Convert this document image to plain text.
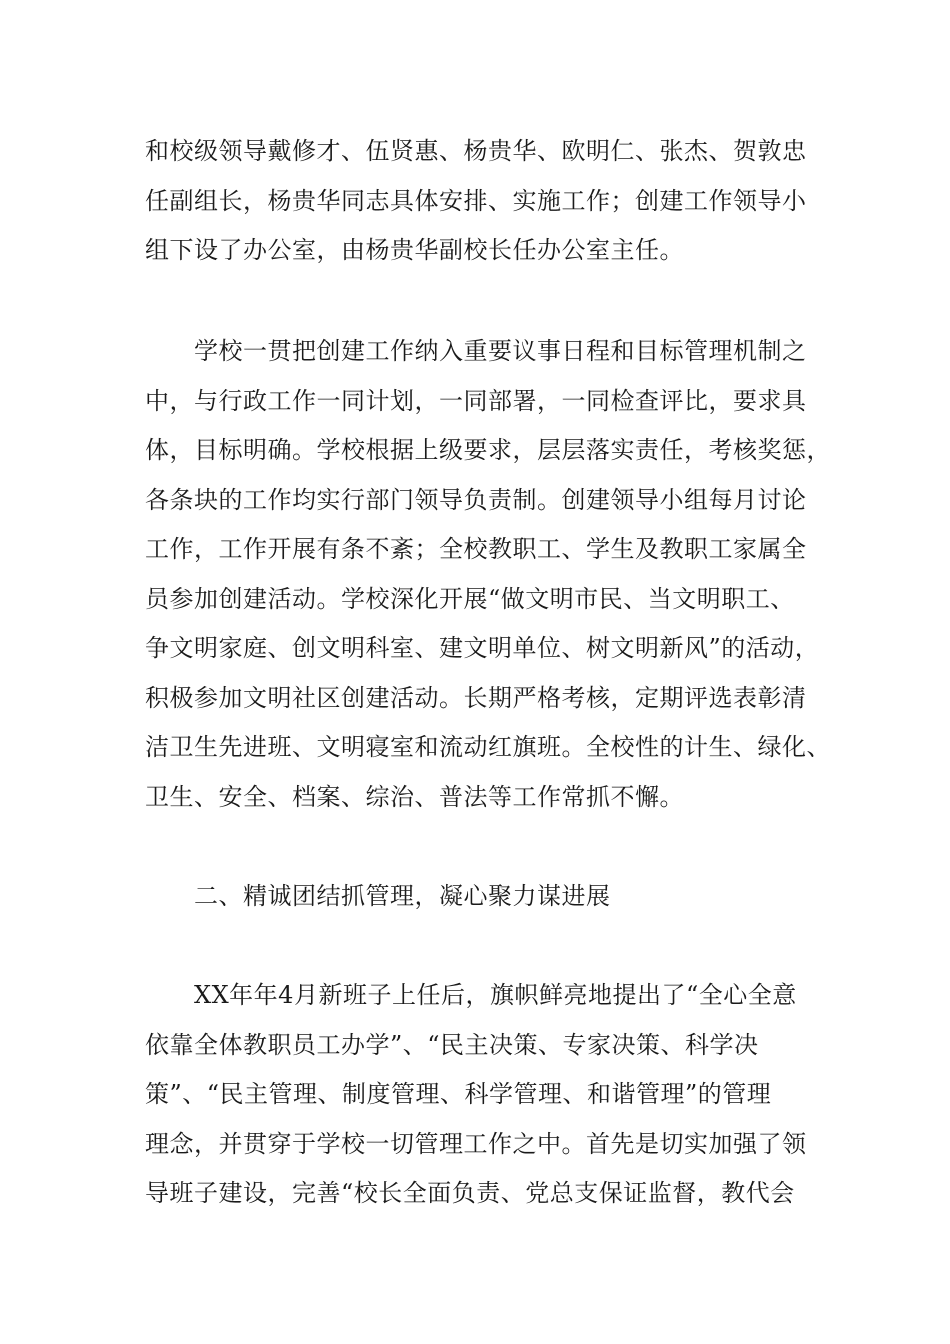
和校级领导戴修才、伍贤惠、杨贵华、欧明仁、张杰、贺敦忠
任副组长，杨贵华同志具体安排、实施工作；创建工作领导小
组下设了办公室，由杨贵华副校长任办公室主任。
　　学校一贯把创建工作纳入重要议事日程和目标管理机制之
中，与行政工作一同计划，一同部署，一同检查评比，要求具
体，目标明确。学校根据上级要求，层层落实责任，考核奖惩，
各条块的工作均实行部门领导负责制。创建领导小组每月讨论
工作，工作开展有条不紊；全校教职工、学生及教职工家属全
员参加创建活动。学校深化开展“做文明市民、当文明职工、
争文明家庭、创文明科室、建文明单位、树文明新风”的活动，
积极参加文明社区创建活动。长期严格考核，定期评选表彰清
洁卫生先进班、文明寝室和流动红旗班。全校性的计生、绿化、
卫生、安全、档案、综治、普法等工作常抓不懈。
　　二、精诚团结抓管理，凝心聚力谋进展
　　XX年年4月新班子上任后，旗帜鲜亮地提出了“全心全意
依靠全体教职员工办学”、“民主决策、专家决策、科学决
策”、“民主管理、制度管理、科学管理、和谐管理”的管理
理念，并贯穿于学校一切管理工作之中。首先是切实加强了领
导班子建设，完善“校长全面负责、党总支保证监督，教代会
